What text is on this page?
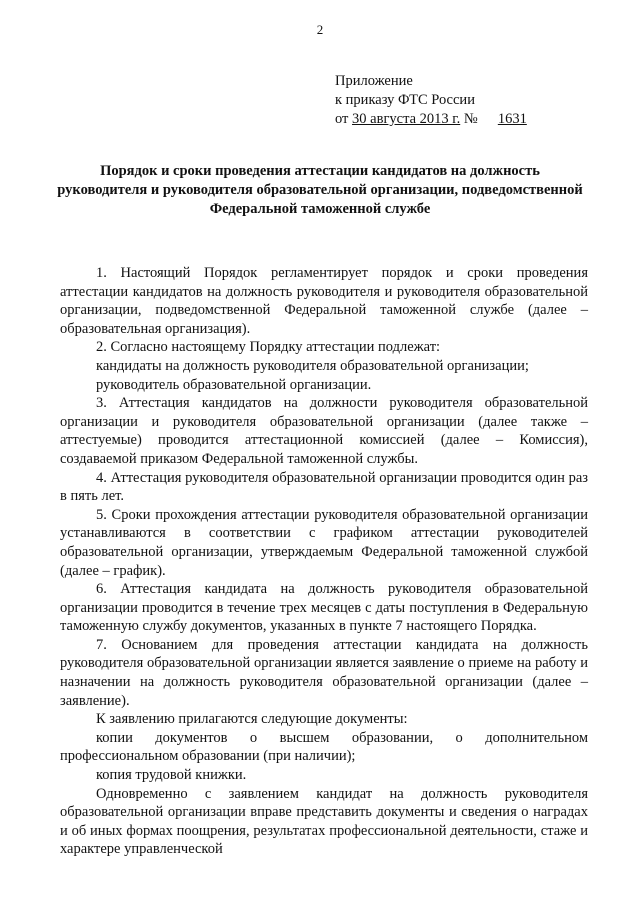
2
Приложение
к приказу ФТС России
от 30 августа 2013 г. № 1631
Порядок и сроки проведения аттестации кандидатов на должность руководителя и руководителя образовательной организации, подведомственной Федеральной таможенной службе

1. Настоящий Порядок регламентирует порядок и сроки проведения аттестации кандидатов на должность руководителя и руководителя образовательной организации, подведомственной Федеральной таможенной службе (далее – образовательная организация).

2. Согласно настоящему Порядку аттестации подлежат:

кандидаты на должность руководителя образовательной организации;

руководитель образовательной организации.

3. Аттестация кандидатов на должности руководителя образовательной организации и руководителя образовательной организации (далее также – аттестуемые) проводится аттестационной комиссией (далее – Комиссия), создаваемой приказом Федеральной таможенной службы.

4. Аттестация руководителя образовательной организации проводится один раз в пять лет.

5. Сроки прохождения аттестации руководителя образовательной организации устанавливаются в соответствии с графиком аттестации руководителей образовательной организации, утверждаемым Федеральной таможенной службой (далее – график).

6. Аттестация кандидата на должность руководителя образовательной организации проводится в течение трех месяцев с даты поступления в Федеральную таможенную службу документов, указанных в пункте 7 настоящего Порядка.

7. Основанием для проведения аттестации кандидата на должность руководителя образовательной организации является заявление о приеме на работу и назначении на должность руководителя образовательной организации (далее – заявление).

К заявлению прилагаются следующие документы:

копии документов о высшем образовании, о дополнительном профессиональном образовании (при наличии);

копия трудовой книжки.

Одновременно с заявлением кандидат на должность руководителя образовательной организации вправе представить документы и сведения о наградах и об иных формах поощрения, результатах профессиональной деятельности, стаже и характере управленческой
